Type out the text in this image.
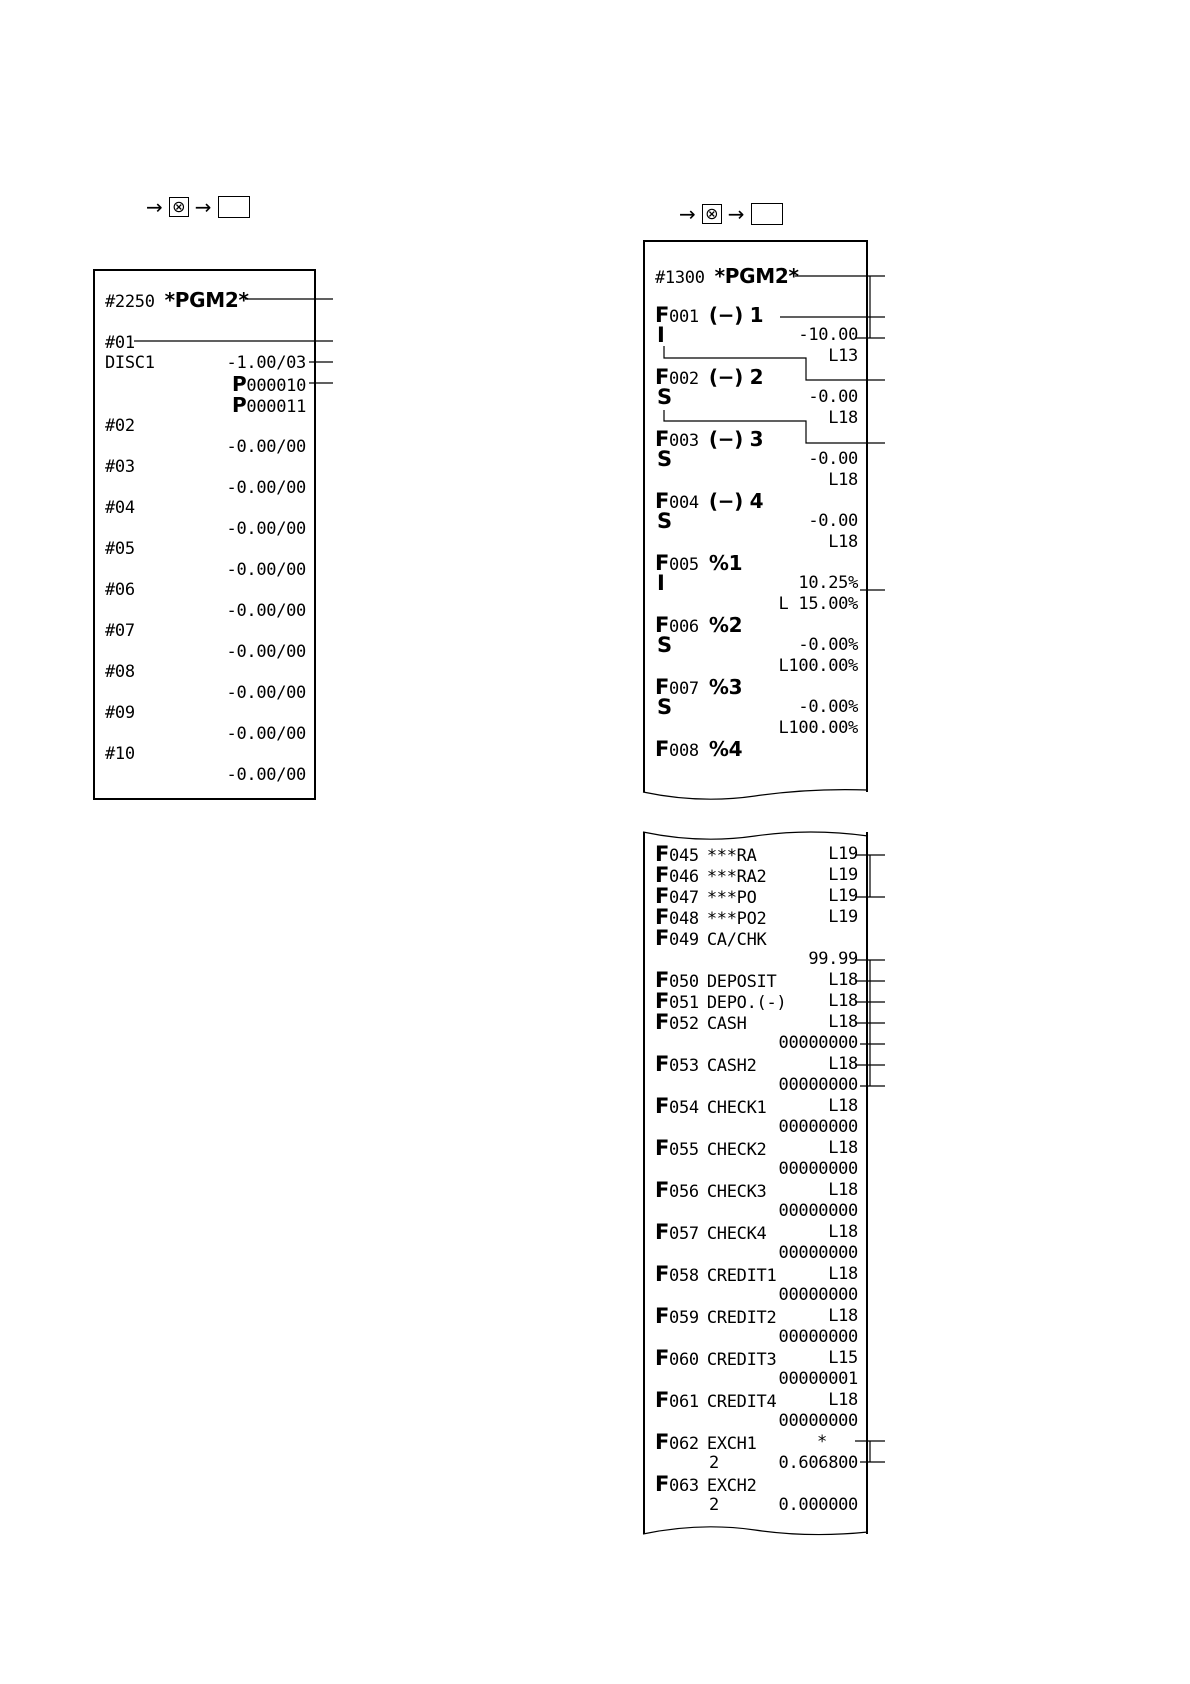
→ ⊗ →	→ ⊗ →
#2250 *PGM2*
#01
DISC1	-1.00/03
P000010
P000011
#02
-0.00/00
#03
-0.00/00
#04
-0.00/00
#05
-0.00/00
#06
-0.00/00
#07
-0.00/00
#08
-0.00/00
#09
-0.00/00
#10
-0.00/00
#1300 *PGM2*
F001 (−) 1
I	-10.00
L13
F002 (−) 2
S	-0.00
L18
F003 (−) 3
S	-0.00
L18
F004 (−) 4
S	-0.00
L18
F005 %1
I	10.25%
L 15.00%
F006 %2
S	-0.00%
L100.00%
F007 %3
S	-0.00%
L100.00%
F008 %4
F045 ***RA	L19
F046 ***RA2	L19
F047 ***PO	L19
F048 ***PO2	L19
F049 CA/CHK
99.99
F050 DEPOSIT	L18
F051 DEPO.(-) L18
F052 CASH	L18
00000000
F053 CASH2	L18
00000000
F054 CHECK1	L18
00000000
F055 CHECK2	L18
00000000
F056 CHECK3	L18
00000000
F057 CHECK4	L18
00000000
F058 CREDIT1	L18
00000000
F059 CREDIT2	L18
00000000
F060 CREDIT3	L15
00000001
F061 CREDIT4	L18
00000000
F062 EXCH1	*
2	0.606800
F063 EXCH2
2	0.000000
